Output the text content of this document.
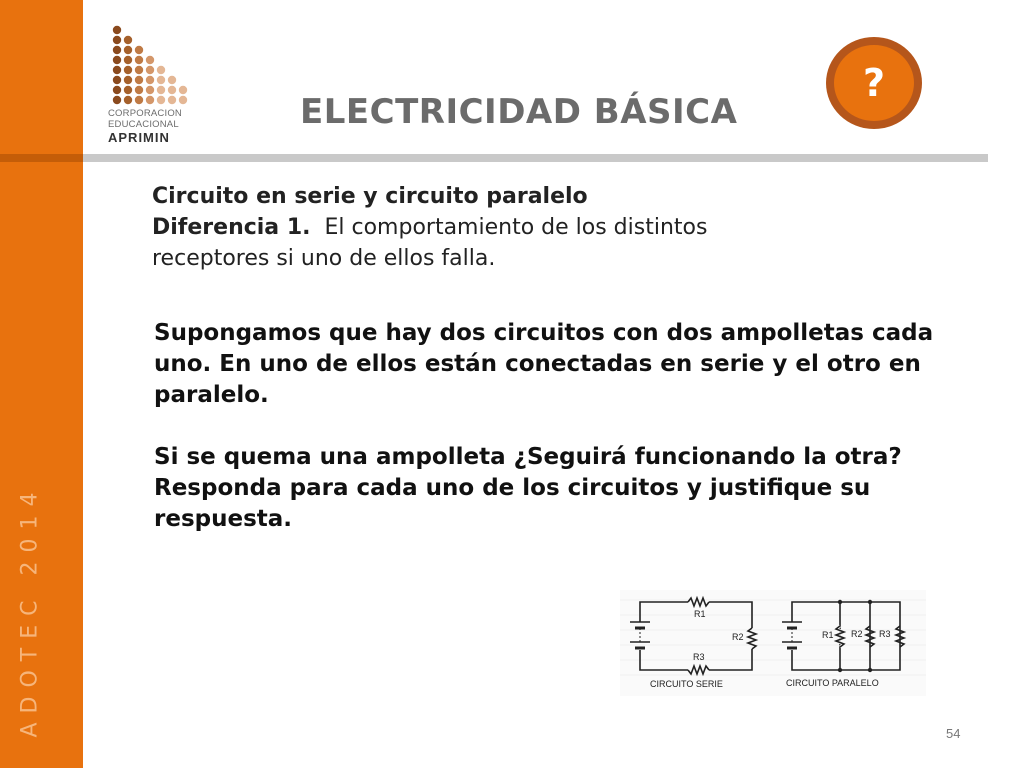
ADOTEC 2014
CORPORACION
EDUCACIONAL
APRIMIN
ELECTRICIDAD BÁSICA
?
Circuito en serie y circuito paralelo
Diferencia 1. El comportamiento de los distintos
receptores si uno de ellos falla.

Supongamos que hay dos circuitos con dos ampolletas cada uno. En uno de ellos están conectadas en serie y el otro en paralelo.

Si se quema una ampolleta ¿Seguirá funcionando la otra? Responda para cada uno de los circuitos y justifique su respuesta.

R1
R2
R3
CIRCUITO SERIE
R1 R2 R3
CIRCUITO PARALELO
54
